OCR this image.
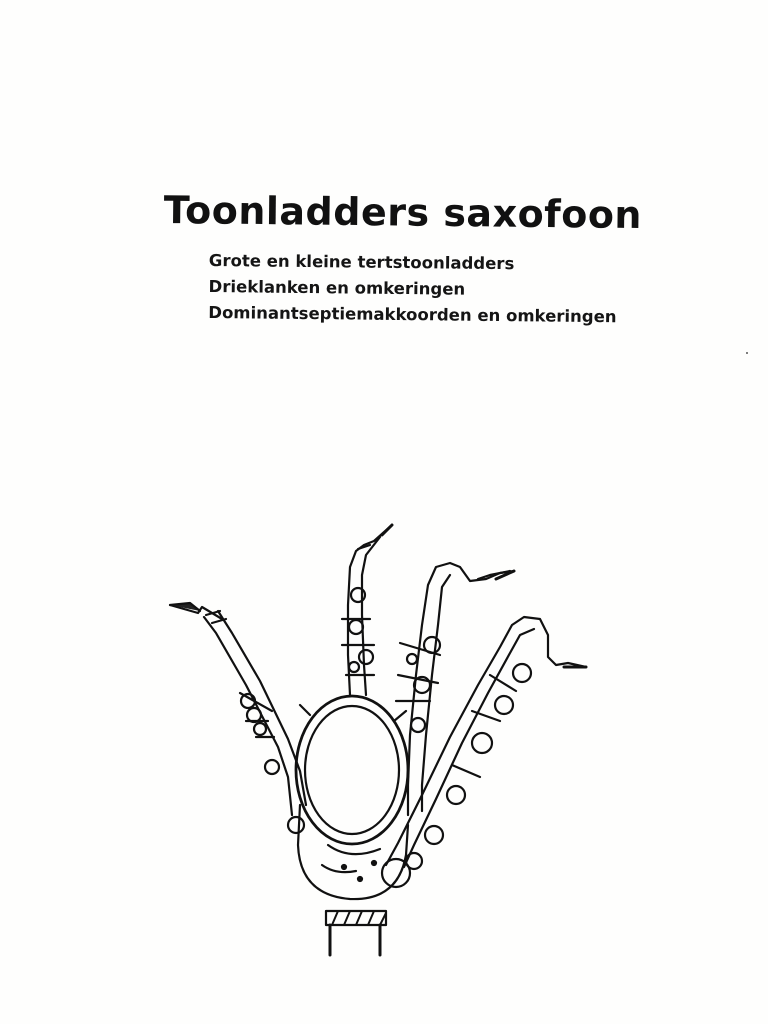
Toonladders saxofoon
Grote en kleine tertstoonladders
Drieklanken en omkeringen
Dominantseptiemakkoorden en omkeringen
